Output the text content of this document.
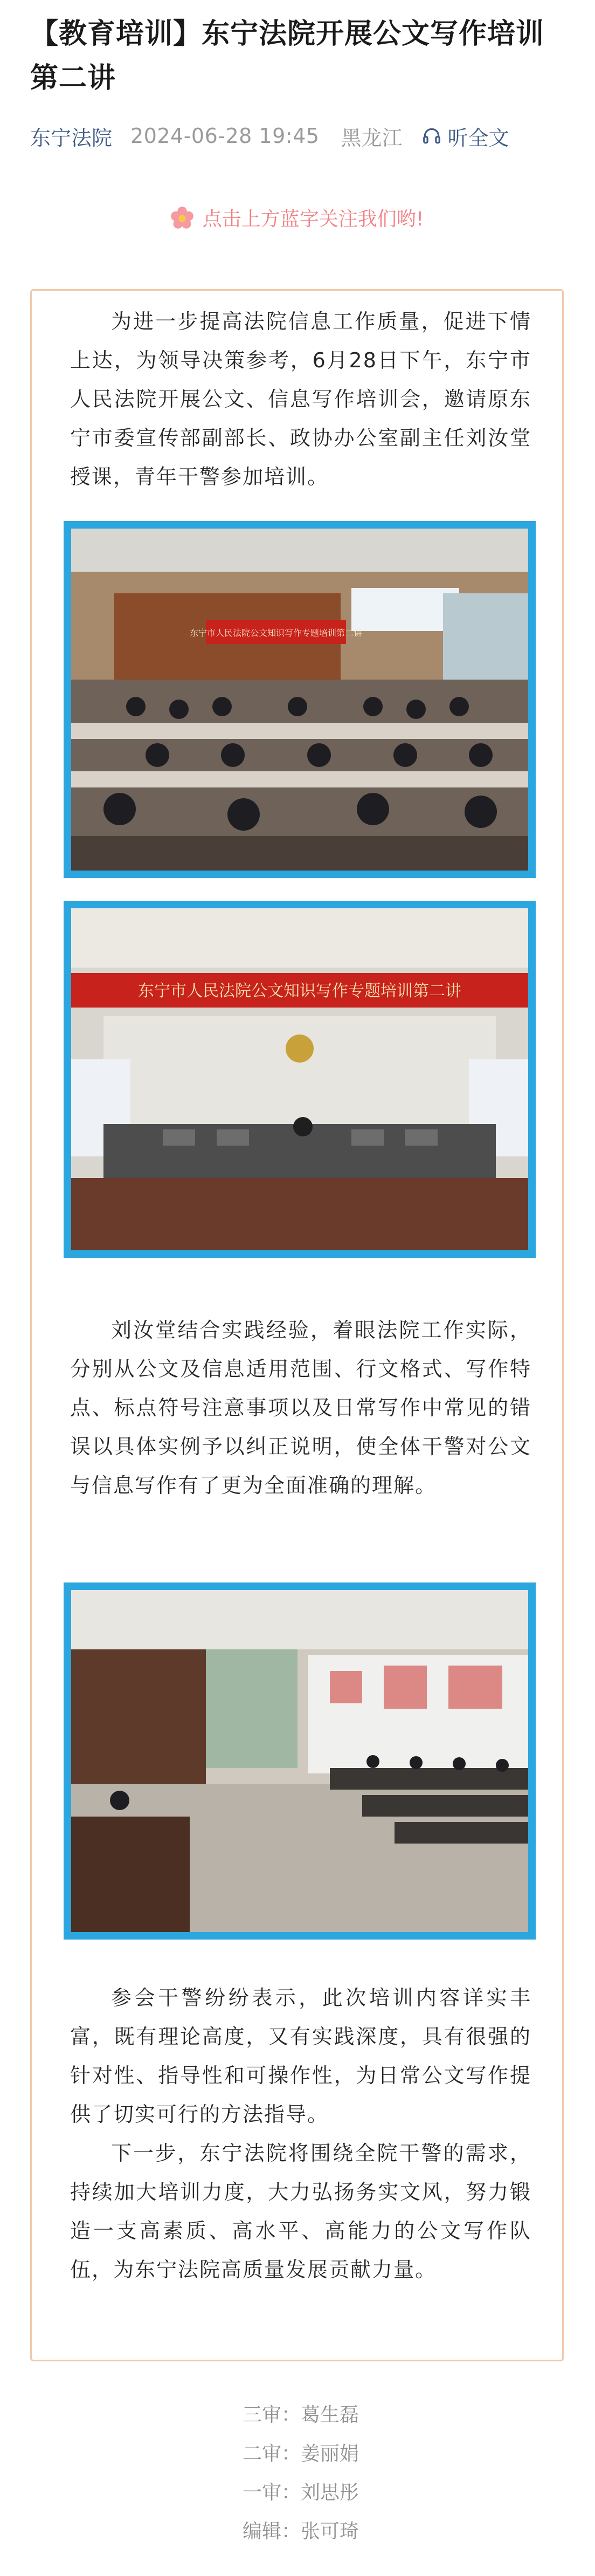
【教育培训】东宁法院开展公文写作培训第二讲
东宁法院 2024-06-28 19:45 黑龙江 听全文
点击上方蓝字关注我们哟!

为进一步提高法院信息工作质量，促进下情上达，为领导决策参考，6月28日下午，东宁市人民法院开展公文、信息写作培训会，邀请原东宁市委宣传部副部长、政协办公室副主任刘汝堂授课，青年干警参加培训。

东宁市人民法院公文知识写作专题培训第二讲
东宁市人民法院公文知识写作专题培训第二讲

刘汝堂结合实践经验，着眼法院工作实际，分别从公文及信息适用范围、行文格式、写作特点、标点符号注意事项以及日常写作中常见的错误以具体实例予以纠正说明，使全体干警对公文与信息写作有了更为全面准确的理解。

参会干警纷纷表示，此次培训内容详实丰富，既有理论高度，又有实践深度，具有很强的针对性、指导性和可操作性，为日常公文写作提供了切实可行的方法指导。

下一步，东宁法院将围绕全院干警的需求，持续加大培训力度，大力弘扬务实文风，努力锻造一支高素质、高水平、高能力的公文写作队伍，为东宁法院高质量发展贡献力量。

三审：葛生磊
二审：姜丽娟
一审：刘思彤
编辑：张可琦
